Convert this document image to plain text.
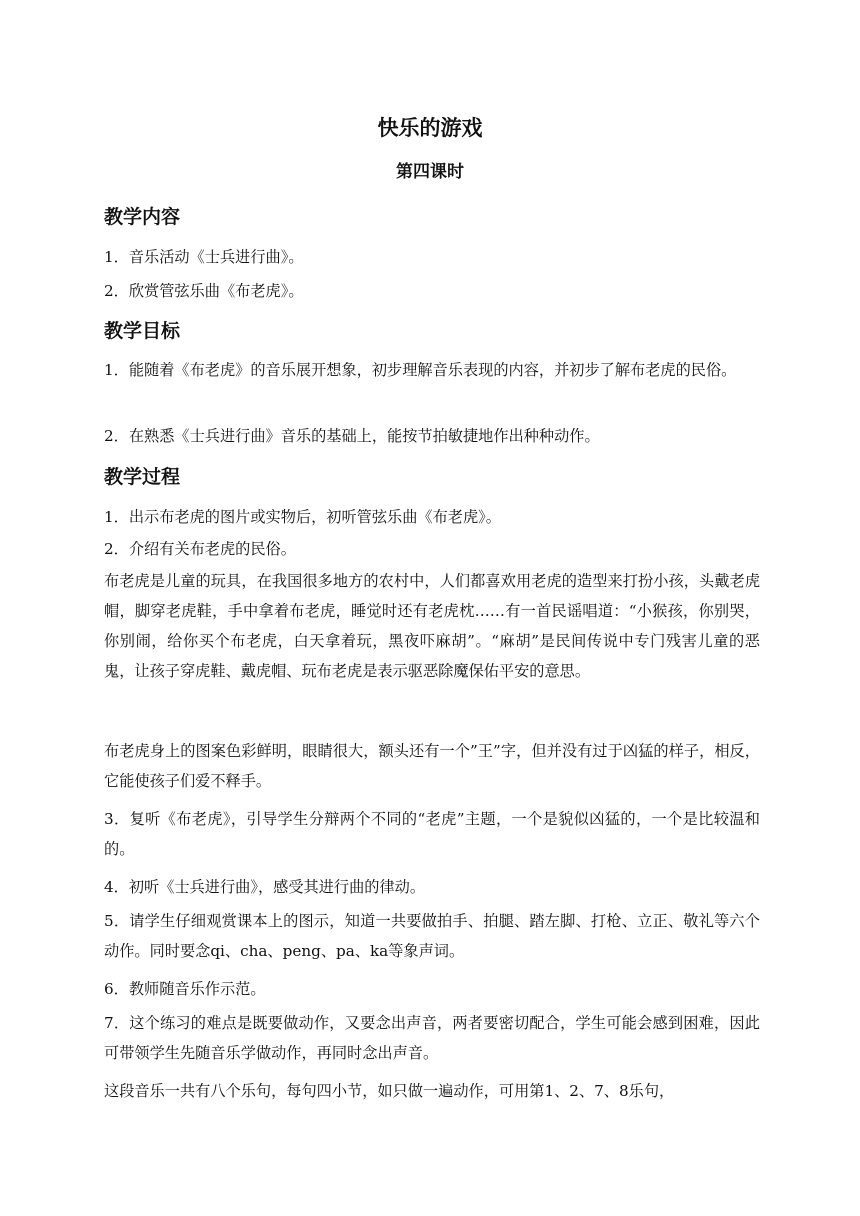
快乐的游戏
第四课时
教学内容

1．音乐活动《士兵进行曲》。

2．欣赏管弦乐曲《布老虎》。

教学目标

1．能随着《布老虎》的音乐展开想象，初步理解音乐表现的内容，并初步了解布老虎的民俗。

2．在熟悉《士兵进行曲》音乐的基础上，能按节拍敏捷地作出种种动作。

教学过程

1．出示布老虎的图片或实物后，初听管弦乐曲《布老虎》。

2．介绍有关布老虎的民俗。

布老虎是儿童的玩具，在我国很多地方的农村中，人们都喜欢用老虎的造型来打扮小孩，头戴老虎帽，脚穿老虎鞋，手中拿着布老虎，睡觉时还有老虎枕……有一首民谣唱道：“小猴孩，你别哭，你别闹，给你买个布老虎，白天拿着玩，黑夜吓麻胡”。“麻胡”是民间传说中专门残害儿童的恶鬼，让孩子穿虎鞋、戴虎帽、玩布老虎是表示驱恶除魔保佑平安的意思。

布老虎身上的图案色彩鲜明，眼睛很大，额头还有一个”王”字，但并没有过于凶猛的样子，相反，它能使孩子们爱不释手。

3．复听《布老虎》，引导学生分辩两个不同的“老虎”主题，一个是貌似凶猛的，一个是比较温和的。

4．初听《士兵进行曲》，感受其进行曲的律动。

5．请学生仔细观赏课本上的图示，知道一共要做拍手、拍腿、踏左脚、打枪、立正、敬礼等六个动作。同时要念qi、cha、peng、pa、ka等象声词。

6．教师随音乐作示范。

7．这个练习的难点是既要做动作，又要念出声音，两者要密切配合，学生可能会感到困难，因此可带领学生先随音乐学做动作，再同时念出声音。

这段音乐一共有八个乐句，每句四小节，如只做一遍动作，可用第1、2、7、8乐句，
